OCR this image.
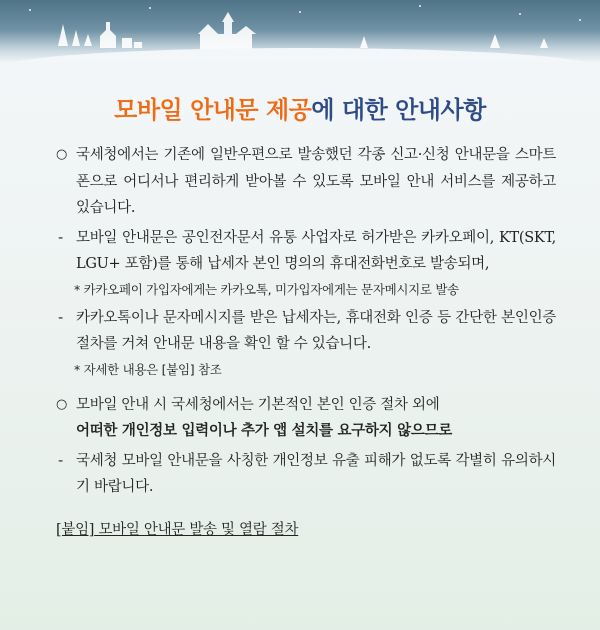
모바일 안내문 제공에 대한 안내사항
○ 국세청에서는 기존에 일반우편으로 발송했던 각종 신고·신청 안내문을 스마트폰으로 어디서나 편리하게 받아볼 수 있도록 모바일 안내 서비스를 제공하고 있습니다.
- 모바일 안내문은 공인전자문서 유통 사업자로 허가받은 카카오페이, KT(SKT, LGU+ 포함)를 통해 납세자 본인 명의의 휴대전화번호로 발송되며,
* 카카오페이 가입자에게는 카카오톡, 미가입자에게는 문자메시지로 발송
- 카카오톡이나 문자메시지를 받은 납세자는, 휴대전화 인증 등 간단한 본인인증 절차를 거쳐 안내문 내용을 확인 할 수 있습니다.
* 자세한 내용은 [붙임] 참조
○ 모바일 안내 시 국세청에서는 기본적인 본인 인증 절차 외에
어떠한 개인정보 입력이나 추가 앱 설치를 요구하지 않으므로
- 국세청 모바일 안내문을 사칭한 개인정보 유출 피해가 없도록 각별히 유의하시기 바랍니다.
[붙임] 모바일 안내문 발송 및 열람 절차
